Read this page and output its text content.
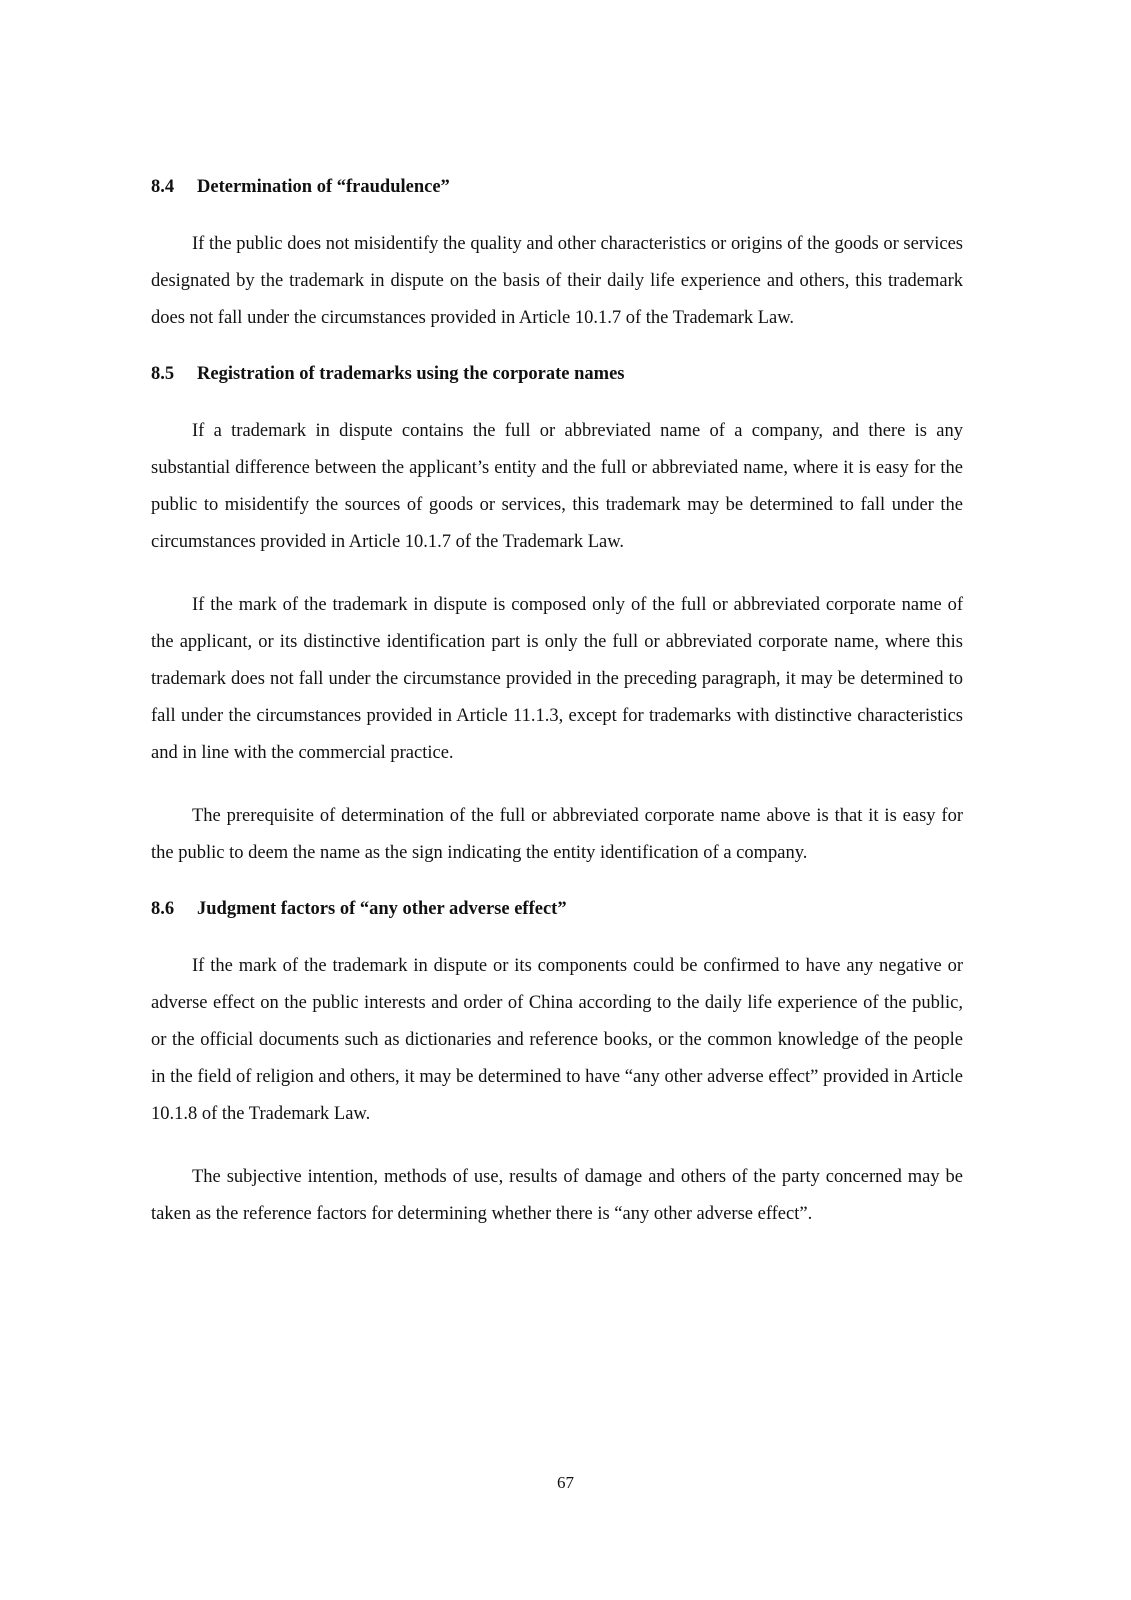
8.4	Determination of “fraudulence”

If the public does not misidentify the quality and other characteristics or origins of the goods or services designated by the trademark in dispute on the basis of their daily life experience and others, this trademark does not fall under the circumstances provided in Article 10.1.7 of the Trademark Law.

8.5	Registration of trademarks using the corporate names

If a trademark in dispute contains the full or abbreviated name of a company, and there is any substantial difference between the applicant’s entity and the full or abbreviated name, where it is easy for the public to misidentify the sources of goods or services, this trademark may be determined to fall under the circumstances provided in Article 10.1.7 of the Trademark Law.

If the mark of the trademark in dispute is composed only of the full or abbreviated corporate name of the applicant, or its distinctive identification part is only the full or abbreviated corporate name, where this trademark does not fall under the circumstance provided in the preceding paragraph, it may be determined to fall under the circumstances provided in Article 11.1.3, except for trademarks with distinctive characteristics and in line with the commercial practice.

The prerequisite of determination of the full or abbreviated corporate name above is that it is easy for the public to deem the name as the sign indicating the entity identification of a company.

8.6	Judgment factors of “any other adverse effect”

If the mark of the trademark in dispute or its components could be confirmed to have any negative or adverse effect on the public interests and order of China according to the daily life experience of the public, or the official documents such as dictionaries and reference books, or the common knowledge of the people in the field of religion and others, it may be determined to have “any other adverse effect” provided in Article 10.1.8 of the Trademark Law.

The subjective intention, methods of use, results of damage and others of the party concerned may be taken as the reference factors for determining whether there is “any other adverse effect”.

67
